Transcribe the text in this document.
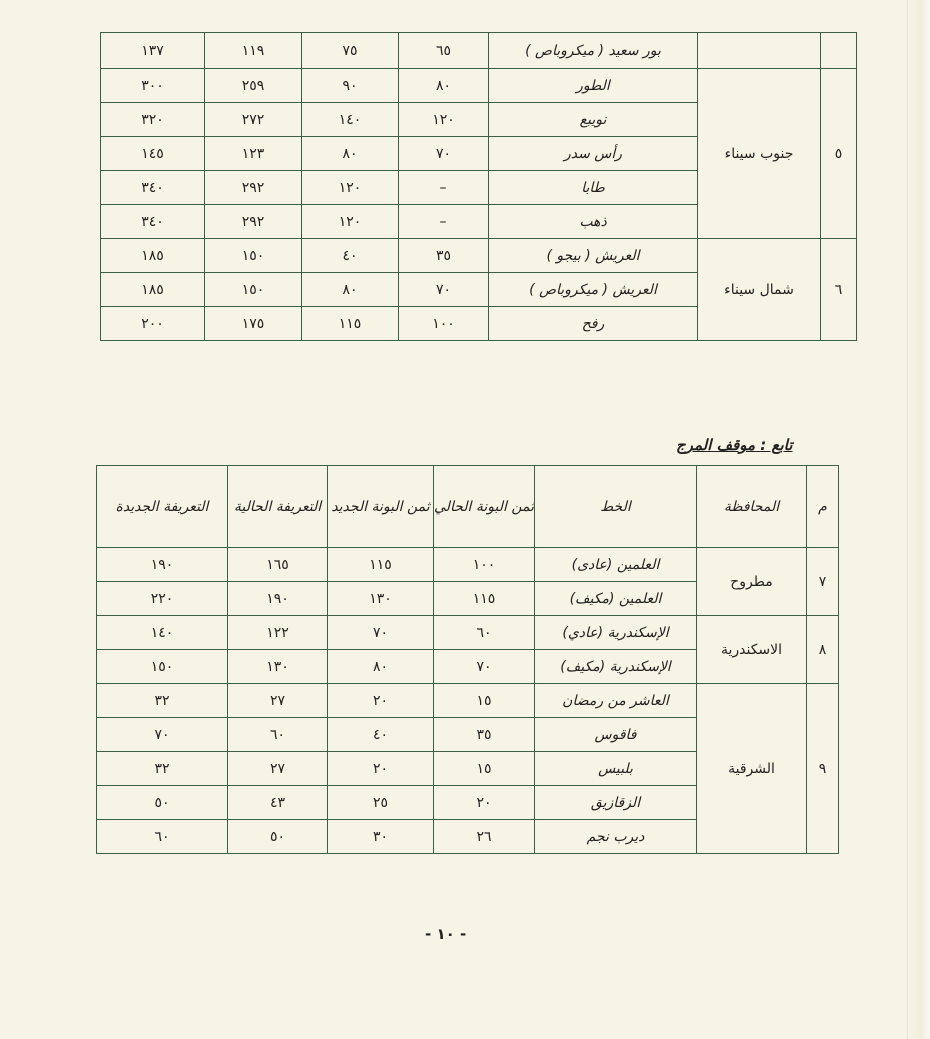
		بور سعيد ( ميكروباص )	٦٥	٧٥	١١٩	١٣٧
٥	جنوب سيناء	الطور	٨٠	٩٠	٢٥٩	٣٠٠
		نويبع	١٢٠	١٤٠	٢٧٢	٣٢٠
		رأس سدر	٧٠	٨٠	١٢٣	١٤٥
		طابا	–	١٢٠	٢٩٢	٣٤٠
		ذهب	–	١٢٠	٢٩٢	٣٤٠
٦	شمال سيناء	العريش ( بيجو )	٣٥	٤٠	١٥٠	١٨٥
		العريش ( ميكروباص )	٧٠	٨٠	١٥٠	١٨٥
		رفح	١٠٠	١١٥	١٧٥	٢٠٠
تابع : موقف المرج
م	المحافظة	الخط	ثمن البونة الحالي	ثمن البونة الجديد	التعريفة الحالية	التعريفة الجديدة
٧	مطروح	العلمين (عادى)	١٠٠	١١٥	١٦٥	١٩٠
		العلمين (مكيف)	١١٥	١٣٠	١٩٠	٢٢٠
٨	الاسكندرية	الإسكندرية (عادي)	٦٠	٧٠	١٢٢	١٤٠
		الإسكندرية (مكيف)	٧٠	٨٠	١٣٠	١٥٠
٩	الشرقية	العاشر من رمضان	١٥	٢٠	٢٧	٣٢
		فاقوس	٣٥	٤٠	٦٠	٧٠
		بلبيس	١٥	٢٠	٢٧	٣٢
		الزقازيق	٢٠	٢٥	٤٣	٥٠
		ديرب نجم	٢٦	٣٠	٥٠	٦٠
- ١٠ -
